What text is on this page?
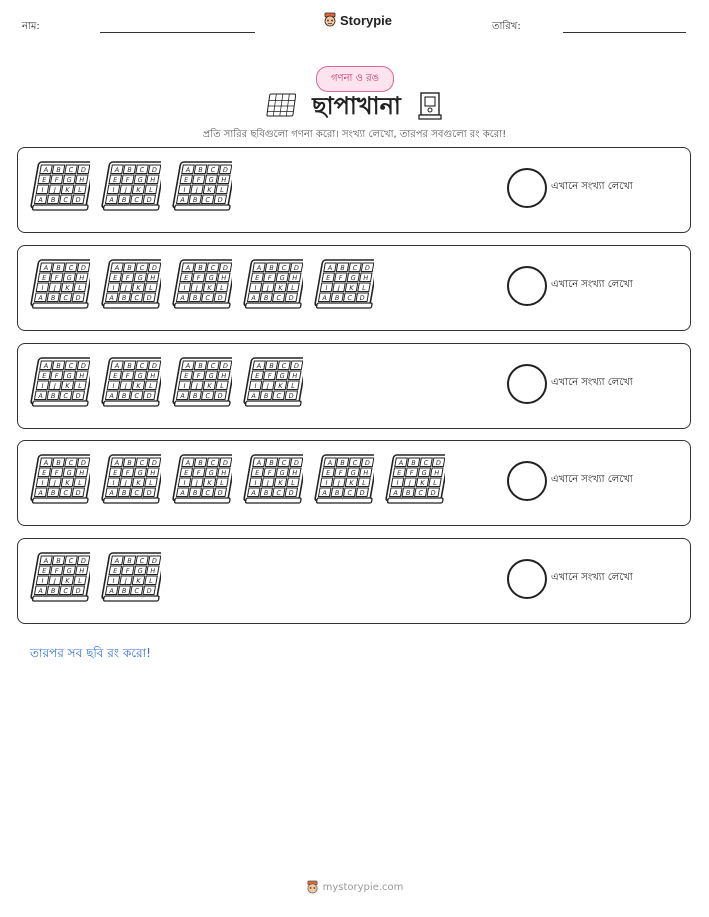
নাম:	Storypie	তারিখ:
গণনা ও রঙ
ছাপাখানা
প্রতি সারির ছবিগুলো গণনা করো। সংখ্যা লেখো, তারপর সবগুলো রং করো!
A B C D
E F G H
I J K L
A B C D
A B C D
E F G H
I J K L
A B C D
A B C D
E F G H
I J K L
A B C D
এখানে সংখ্যা লেখো
A B C D
E F G H
I J K L
A B C D
A B C D
E F G H
I J K L
A B C D
A B C D
E F G H
I J K L
A B C D
A B C D
E F G H
I J K L
A B C D
A B C D
E F G H
I J K L
A B C D
এখানে সংখ্যা লেখো
A B C D
E F G H
I J K L
A B C D
A B C D
E F G H
I J K L
A B C D
A B C D
E F G H
I J K L
A B C D
A B C D
E F G H
I J K L
A B C D
এখানে সংখ্যা লেখো
A B C D
E F G H
I J K L
A B C D
A B C D
E F G H
I J K L
A B C D
A B C D
E F G H
I J K L
A B C D
A B C D
E F G H
I J K L
A B C D
A B C D
E F G H
I J K L
A B C D
A B C D
E F G H
I J K L
A B C D
এখানে সংখ্যা লেখো
A B C D
E F G H
I J K L
A B C D
A B C D
E F G H
I J K L
A B C D
এখানে সংখ্যা লেখো
তারপর সব ছবি রং করো!
mystorypie.com
